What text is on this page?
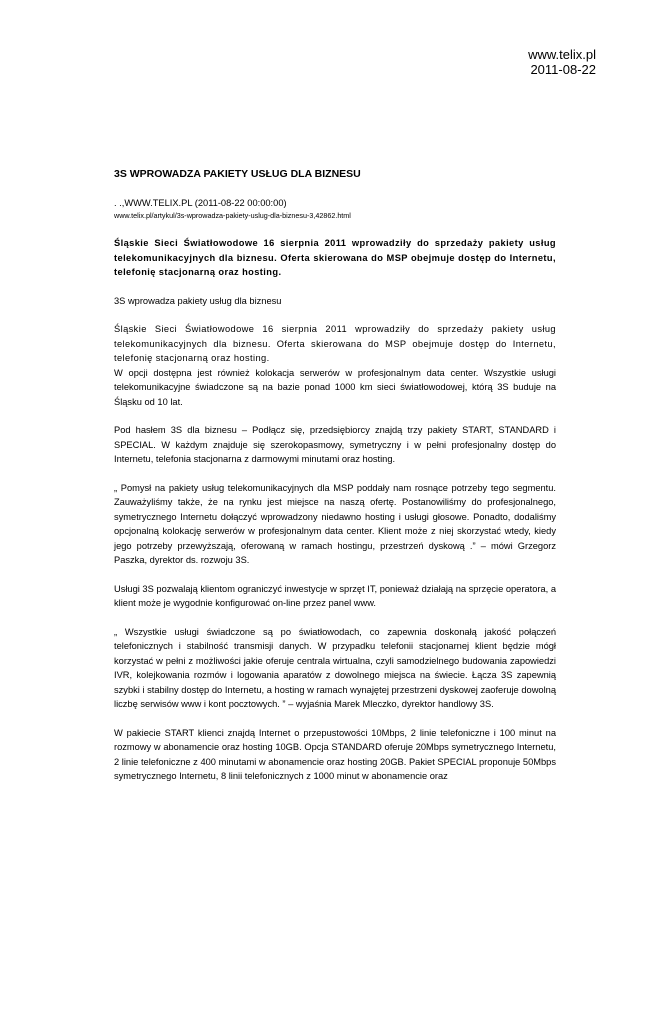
www.telix.pl
2011-08-22
3S WPROWADZA PAKIETY USŁUG DLA BIZNESU
. .,WWW.TELIX.PL (2011-08-22 00:00:00)
www.telix.pl/artykul/3s-wprowadza-pakiety-uslug-dla-biznesu-3,42862.html

Śląskie Sieci Światłowodowe 16 sierpnia 2011 wprowadziły do sprzedaży pakiety usług telekomunikacyjnych dla biznesu. Oferta skierowana do MSP obejmuje dostęp do Internetu, telefonię stacjonarną oraz hosting.

3S wprowadza pakiety usług dla biznesu

Śląskie Sieci Światłowodowe 16 sierpnia 2011 wprowadziły do sprzedaży pakiety usług telekomunikacyjnych dla biznesu. Oferta skierowana do MSP obejmuje dostęp do Internetu, telefonię stacjonarną oraz hosting.
W opcji dostępna jest również kolokacja serwerów w profesjonalnym data center. Wszystkie usługi telekomunikacyjne świadczone są na bazie ponad 1000 km sieci światłowodowej, którą 3S buduje na Śląsku od 10 lat.

Pod hasłem 3S dla biznesu – Podłącz się, przedsiębiorcy znajdą trzy pakiety START, STANDARD i SPECIAL. W każdym znajduje się szerokopasmowy, symetryczny i w pełni profesjonalny dostęp do Internetu, telefonia stacjonarna z darmowymi minutami oraz hosting.

„ Pomysł na pakiety usług telekomunikacyjnych dla MSP poddały nam rosnące potrzeby tego segmentu. Zauważyliśmy także, że na rynku jest miejsce na naszą ofertę. Postanowiliśmy do profesjonalnego, symetrycznego Internetu dołączyć wprowadzony niedawno hosting i usługi głosowe. Ponadto, dodaliśmy opcjonalną kolokację serwerów w profesjonalnym data center. Klient może z niej skorzystać wtedy, kiedy jego potrzeby przewyższają, oferowaną w ramach hostingu, przestrzeń dyskową .” – mówi Grzegorz Paszka, dyrektor ds. rozwoju 3S.

Usługi 3S pozwalają klientom ograniczyć inwestycje w sprzęt IT, ponieważ działają na sprzęcie operatora, a klient może je wygodnie konfigurować on-line przez panel www.

„ Wszystkie usługi świadczone są po światłowodach, co zapewnia doskonałą jakość połączeń telefonicznych i stabilność transmisji danych. W przypadku telefonii stacjonarnej klient będzie mógł korzystać w pełni z możliwości jakie oferuje centrala wirtualna, czyli samodzielnego budowania zapowiedzi IVR, kolejkowania rozmów i logowania aparatów z dowolnego miejsca na świecie. Łącza 3S zapewnią szybki i stabilny dostęp do Internetu, a hosting w ramach wynajętej przestrzeni dyskowej zaoferuje dowolną liczbę serwisów www i kont pocztowych. ” – wyjaśnia Marek Mleczko, dyrektor handlowy 3S.

W pakiecie START klienci znajdą Internet o przepustowości 10Mbps, 2 linie telefoniczne i 100 minut na rozmowy w abonamencie oraz hosting 10GB. Opcja STANDARD oferuje 20Mbps symetrycznego Internetu, 2 linie telefoniczne z 400 minutami w abonamencie oraz hosting 20GB. Pakiet SPECIAL proponuje 50Mbps symetrycznego Internetu, 8 linii telefonicznych z 1000 minut w abonamencie oraz
